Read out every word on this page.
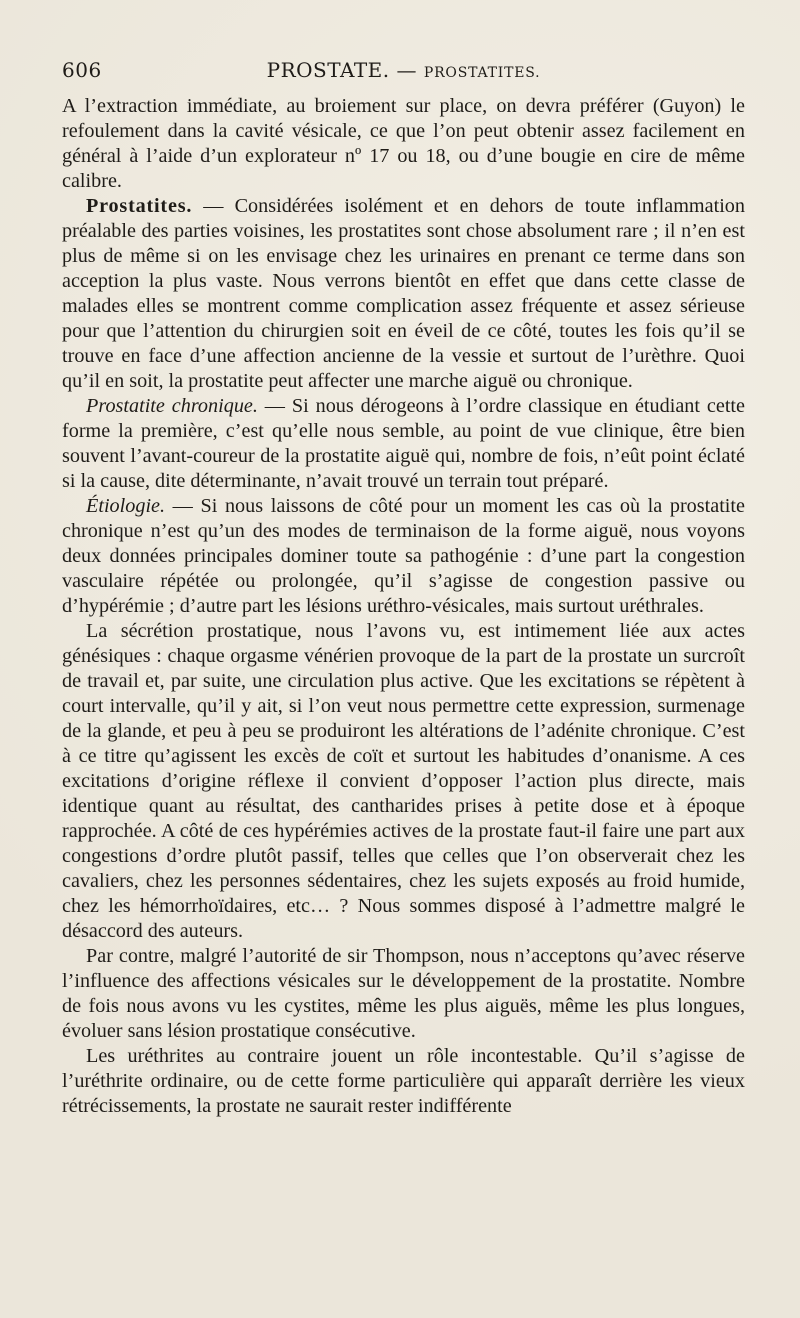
606	PROSTATE. — PROSTATITES.

A l’extraction immédiate, au broiement sur place, on devra préférer (Guyon) le refoulement dans la cavité vésicale, ce que l’on peut obtenir assez facilement en général à l’aide d’un explorateur nº 17 ou 18, ou d’une bougie en cire de même calibre.

Prostatites. — Considérées isolément et en dehors de toute inflammation préalable des parties voisines, les prostatites sont chose absolument rare ; il n’en est plus de même si on les envisage chez les urinaires en prenant ce terme dans son acception la plus vaste. Nous verrons bientôt en effet que dans cette classe de malades elles se montrent comme complication assez fréquente et assez sérieuse pour que l’attention du chirurgien soit en éveil de ce côté, toutes les fois qu’il se trouve en face d’une affection ancienne de la vessie et surtout de l’urèthre. Quoi qu’il en soit, la prostatite peut affecter une marche aiguë ou chronique.

Prostatite chronique. — Si nous dérogeons à l’ordre classique en étudiant cette forme la première, c’est qu’elle nous semble, au point de vue clinique, être bien souvent l’avant-coureur de la prostatite aiguë qui, nombre de fois, n’eût point éclaté si la cause, dite déterminante, n’avait trouvé un terrain tout préparé.

Étiologie. — Si nous laissons de côté pour un moment les cas où la prostatite chronique n’est qu’un des modes de terminaison de la forme aiguë, nous voyons deux données principales dominer toute sa pathogénie : d’une part la congestion vasculaire répétée ou prolongée, qu’il s’agisse de congestion passive ou d’hypérémie ; d’autre part les lésions uréthro-vésicales, mais surtout uréthrales.

La sécrétion prostatique, nous l’avons vu, est intimement liée aux actes génésiques : chaque orgasme vénérien provoque de la part de la prostate un surcroît de travail et, par suite, une circulation plus active. Que les excitations se répètent à court intervalle, qu’il y ait, si l’on veut nous permettre cette expression, surmenage de la glande, et peu à peu se produiront les altérations de l’adénite chronique. C’est à ce titre qu’agissent les excès de coït et surtout les habitudes d’onanisme. A ces excitations d’origine réflexe il convient d’opposer l’action plus directe, mais identique quant au résultat, des cantharides prises à petite dose et à époque rapprochée. A côté de ces hypérémies actives de la prostate faut-il faire une part aux congestions d’ordre plutôt passif, telles que celles que l’on observerait chez les cavaliers, chez les personnes sédentaires, chez les sujets exposés au froid humide, chez les hémorrhoïdaires, etc… ? Nous sommes disposé à l’admettre malgré le désaccord des auteurs.

Par contre, malgré l’autorité de sir Thompson, nous n’acceptons qu’avec réserve l’influence des affections vésicales sur le développement de la prostatite. Nombre de fois nous avons vu les cystites, même les plus aiguës, même les plus longues, évoluer sans lésion prostatique consécutive.

Les uréthrites au contraire jouent un rôle incontestable. Qu’il s’agisse de l’uréthrite ordinaire, ou de cette forme particulière qui apparaît derrière les vieux rétrécissements, la prostate ne saurait rester indifférente
